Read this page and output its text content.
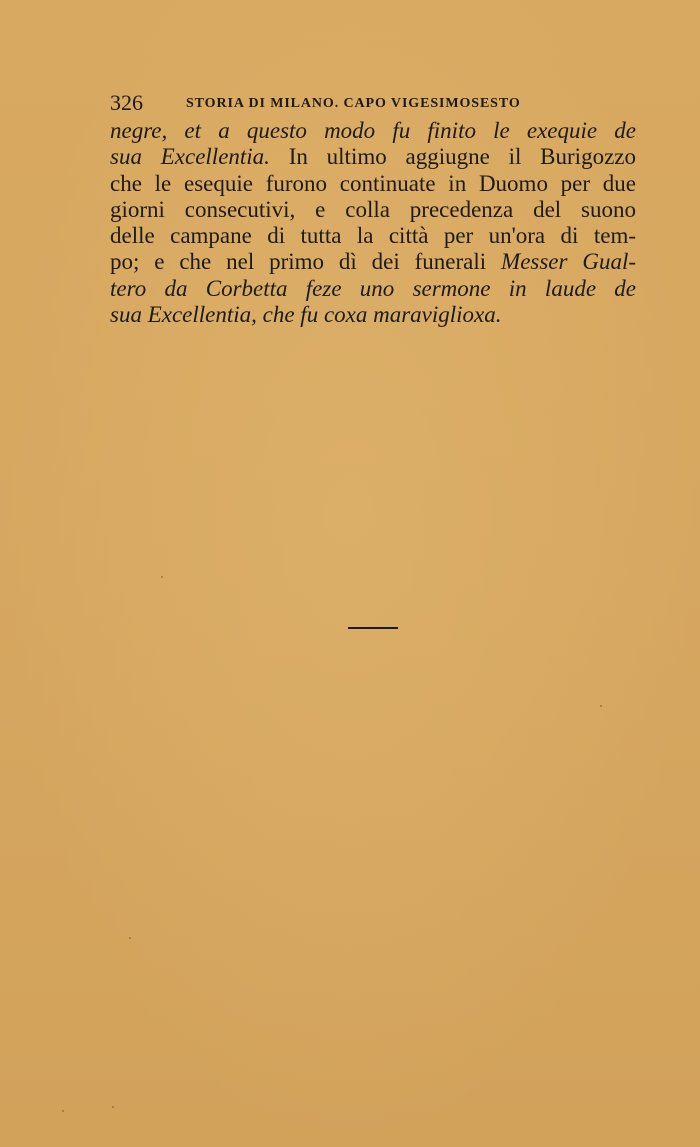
326	STORIA DI MILANO. CAPO VIGESIMOSESTO
negre, et a questo modo fu finito le exequie de
sua Excellentia. In ultimo aggiugne il Burigozzo
che le esequie furono continuate in Duomo per due
giorni consecutivi, e colla precedenza del suono
delle campane di tutta la città per un'ora di tem-
po; e che nel primo dì dei funerali Messer Gual-
tero da Corbetta feze uno sermone in laude de
sua Excellentia, che fu coxa maraviglioxa.
